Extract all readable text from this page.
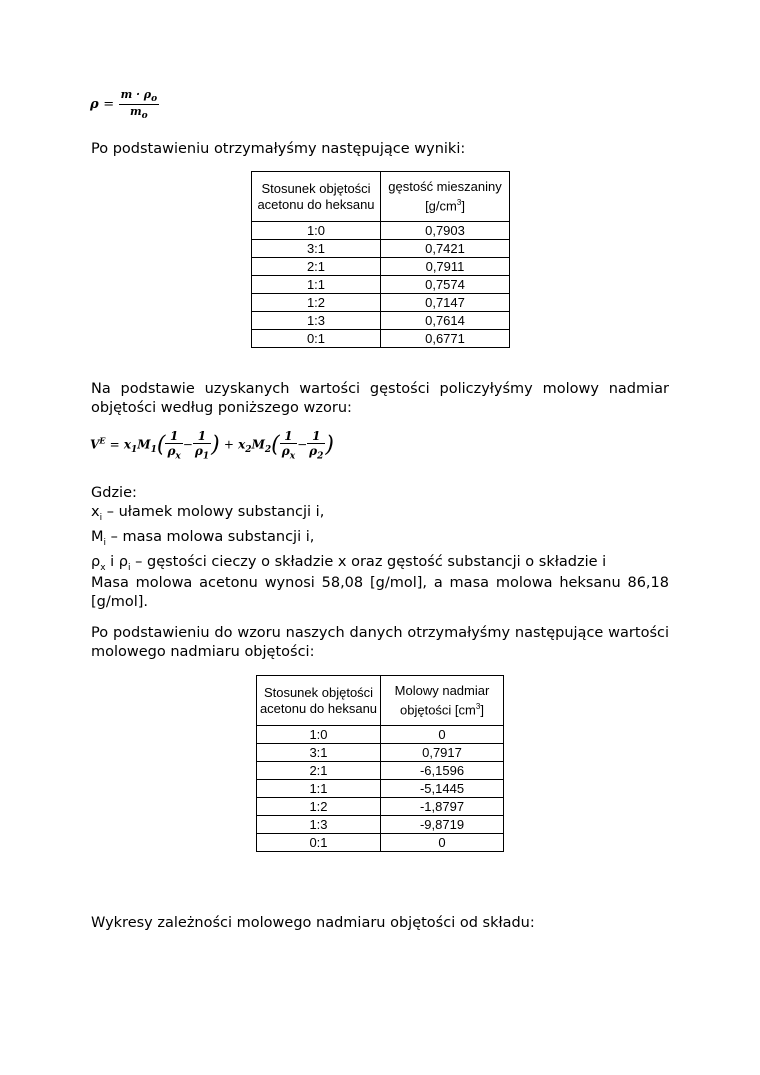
$\rho = \frac{m \cdot \rho_o}{m_o}$
Po podstawieniu otrzymałyśmy następujące wyniki:
Stosunek objętości acetonu do heksanu	gęstość mieszaniny $[g/cm^3]$
1:0	0,7903
3:1	0,7421
2:1	0,7911
1:1	0,7574
1:2	0,7147
1:3	0,7614
0:1	0,6771
Na podstawie uzyskanych wartości gęstości policzyłyśmy molowy nadmiar objętości według poniższego wzoru:
$V^E = x_1M_1( \frac{1}{\rho_x} - \frac{1}{\rho_1}$ ) + $x_2M_2( \frac{1}{\rho_x} - \frac{1}{\rho_2}$ )
Gdzie:
$x_i$ – ułamek molowy substancji i,
$M_i$ – masa molowa substancji i,
$\rho_x$ i $\rho_i$ – gęstości cieczy o składzie x oraz gęstość substancji o składzie i
Masa molowa acetonu wynosi 58,08 [g/mol], a masa molowa heksanu 86,18 [g/mol].
Po podstawieniu do wzoru naszych danych otrzymałyśmy następujące wartości molowego nadmiaru objętości:
Stosunek objętości acetonu do heksanu	Molowy nadmiar objętości $[cm^3]$
1:0	0
3:1	0,7917
2:1	-6,1596
1:1	-5,1445
1:2	-1,8797
1:3	-9,8719
0:1	0
Wykresy zależności molowego nadmiaru objętości od składu:
